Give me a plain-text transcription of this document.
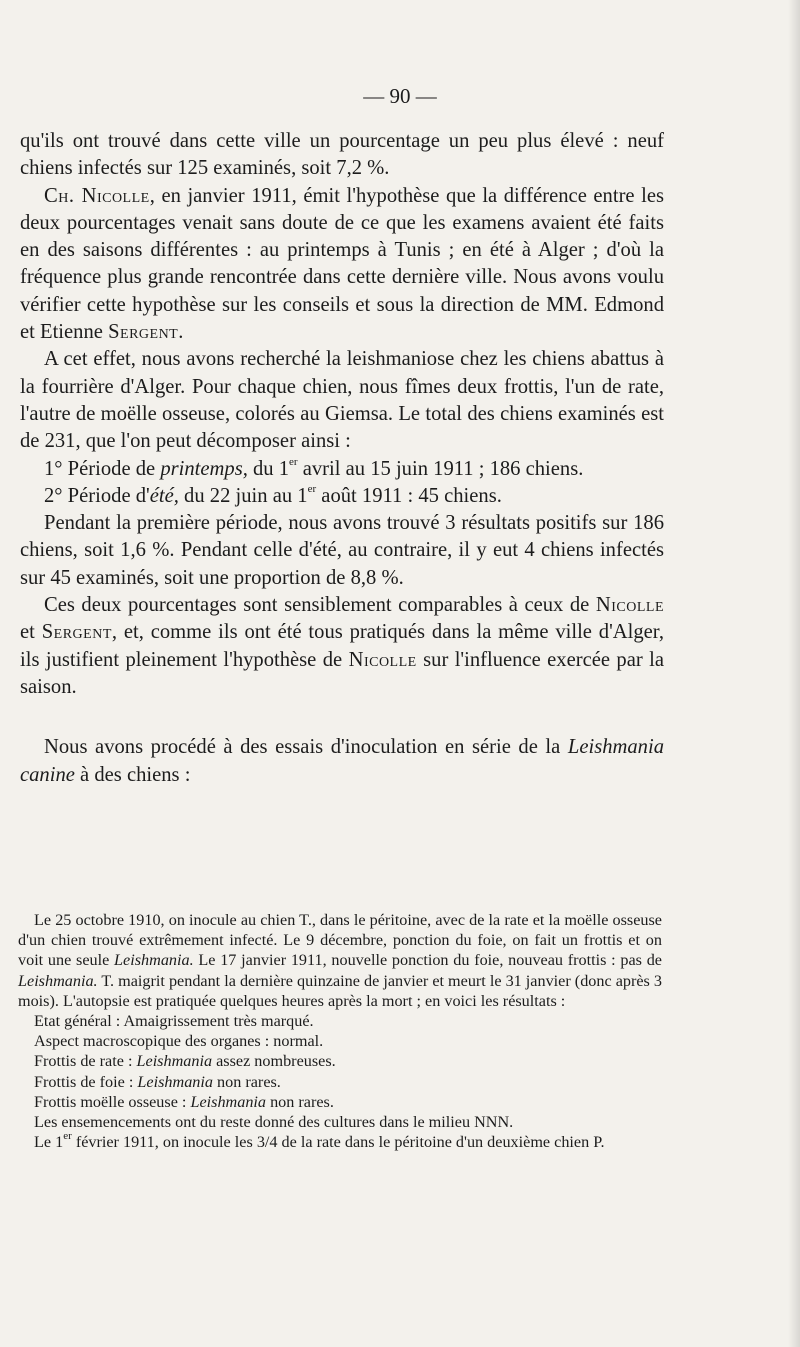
— 90 —

qu'ils ont trouvé dans cette ville un pourcentage un peu plus élevé : neuf chiens infectés sur 125 examinés, soit 7,2 %.

Ch. Nicolle, en janvier 1911, émit l'hypothèse que la différence entre les deux pourcentages venait sans doute de ce que les examens avaient été faits en des saisons différentes : au printemps à Tunis ; en été à Alger ; d'où la fréquence plus grande rencontrée dans cette dernière ville. Nous avons voulu vérifier cette hypothèse sur les conseils et sous la direction de MM. Edmond et Etienne Sergent.

A cet effet, nous avons recherché la leishmaniose chez les chiens abattus à la fourrière d'Alger. Pour chaque chien, nous fîmes deux frottis, l'un de rate, l'autre de moëlle osseuse, colorés au Giemsa. Le total des chiens examinés est de 231, que l'on peut décomposer ainsi :

1° Période de printemps, du 1er avril au 15 juin 1911 ; 186 chiens.

2° Période d'été, du 22 juin au 1er août 1911 : 45 chiens.

Pendant la première période, nous avons trouvé 3 résultats positifs sur 186 chiens, soit 1,6 %. Pendant celle d'été, au contraire, il y eut 4 chiens infectés sur 45 examinés, soit une proportion de 8,8 %.

Ces deux pourcentages sont sensiblement comparables à ceux de Nicolle et Sergent, et, comme ils ont été tous pratiqués dans la même ville d'Alger, ils justifient pleinement l'hypothèse de Nicolle sur l'influence exercée par la saison.

Nous avons procédé à des essais d'inoculation en série de la Leishmania canine à des chiens :

Le 25 octobre 1910, on inocule au chien T., dans le péritoine, avec de la rate et la moëlle osseuse d'un chien trouvé extrêmement infecté. Le 9 décembre, ponction du foie, on fait un frottis et on voit une seule Leishmania. Le 17 janvier 1911, nouvelle ponction du foie, nouveau frottis : pas de Leishmania. T. maigrit pendant la dernière quinzaine de janvier et meurt le 31 janvier (donc après 3 mois). L'autopsie est pratiquée quelques heures après la mort ; en voici les résultats :

Etat général : Amaigrissement très marqué.

Aspect macroscopique des organes : normal.

Frottis de rate : Leishmania assez nombreuses.

Frottis de foie : Leishmania non rares.

Frottis moëlle osseuse : Leishmania non rares.

Les ensemencements ont du reste donné des cultures dans le milieu NNN.

Le 1er février 1911, on inocule les 3/4 de la rate dans le péritoine d'un deuxième chien P.
